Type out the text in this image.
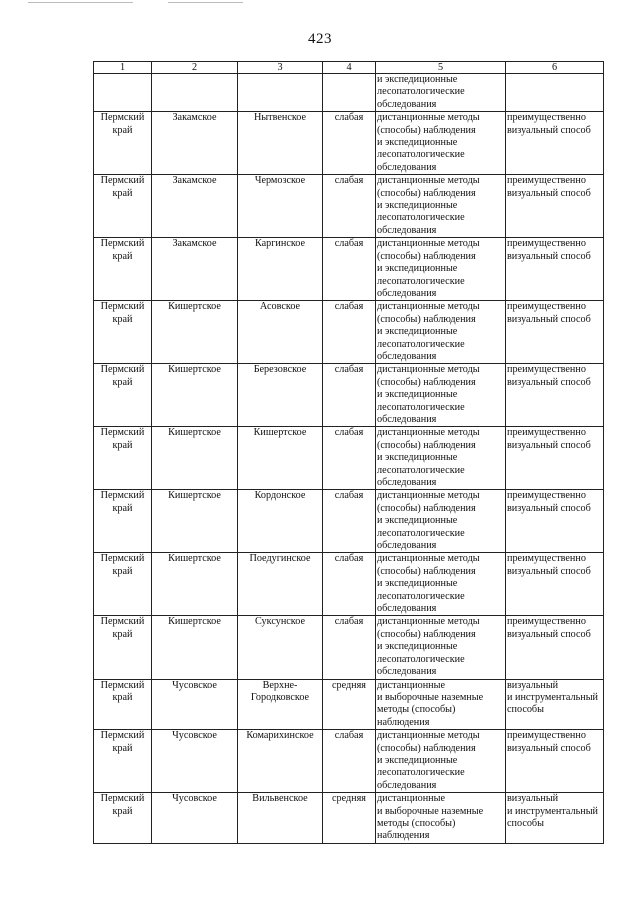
423
1	2	3	4	5	6

				и экспедиционные
лесопатологические
обследования	

Пермский
край	Закамское	Нытвенское	слабая	дистанционные методы
(способы) наблюдения
и экспедиционные
лесопатологические
обследования	преимущественно
визуальный способ

Пермский
край	Закамское	Чермозское	слабая	дистанционные методы
(способы) наблюдения
и экспедиционные
лесопатологические
обследования	преимущественно
визуальный способ

Пермский
край	Закамское	Каргинское	слабая	дистанционные методы
(способы) наблюдения
и экспедиционные
лесопатологические
обследования	преимущественно
визуальный способ

Пермский
край	Кишертское	Асовское	слабая	дистанционные методы
(способы) наблюдения
и экспедиционные
лесопатологические
обследования	преимущественно
визуальный способ

Пермский
край	Кишертское	Березовское	слабая	дистанционные методы
(способы) наблюдения
и экспедиционные
лесопатологические
обследования	преимущественно
визуальный способ

Пермский
край	Кишертское	Кишертское	слабая	дистанционные методы
(способы) наблюдения
и экспедиционные
лесопатологические
обследования	преимущественно
визуальный способ

Пермский
край	Кишертское	Кордонское	слабая	дистанционные методы
(способы) наблюдения
и экспедиционные
лесопатологические
обследования	преимущественно
визуальный способ

Пермский
край	Кишертское	Поедугинское	слабая	дистанционные методы
(способы) наблюдения
и экспедиционные
лесопатологические
обследования	преимущественно
визуальный способ

Пермский
край	Кишертское	Суксунское	слабая	дистанционные методы
(способы) наблюдения
и экспедиционные
лесопатологические
обследования	преимущественно
визуальный способ

Пермский
край	Чусовское	Верхне-
Городковское	средняя	дистанционные
и выборочные наземные
методы (способы)
наблюдения	визуальный
и инструментальный
способы

Пермский
край	Чусовское	Комарихинское	слабая	дистанционные методы
(способы) наблюдения
и экспедиционные
лесопатологические
обследования	преимущественно
визуальный способ

Пермский
край	Чусовское	Вильвенское	средняя	дистанционные
и выборочные наземные
методы (способы)
наблюдения	визуальный
и инструментальный
способы
